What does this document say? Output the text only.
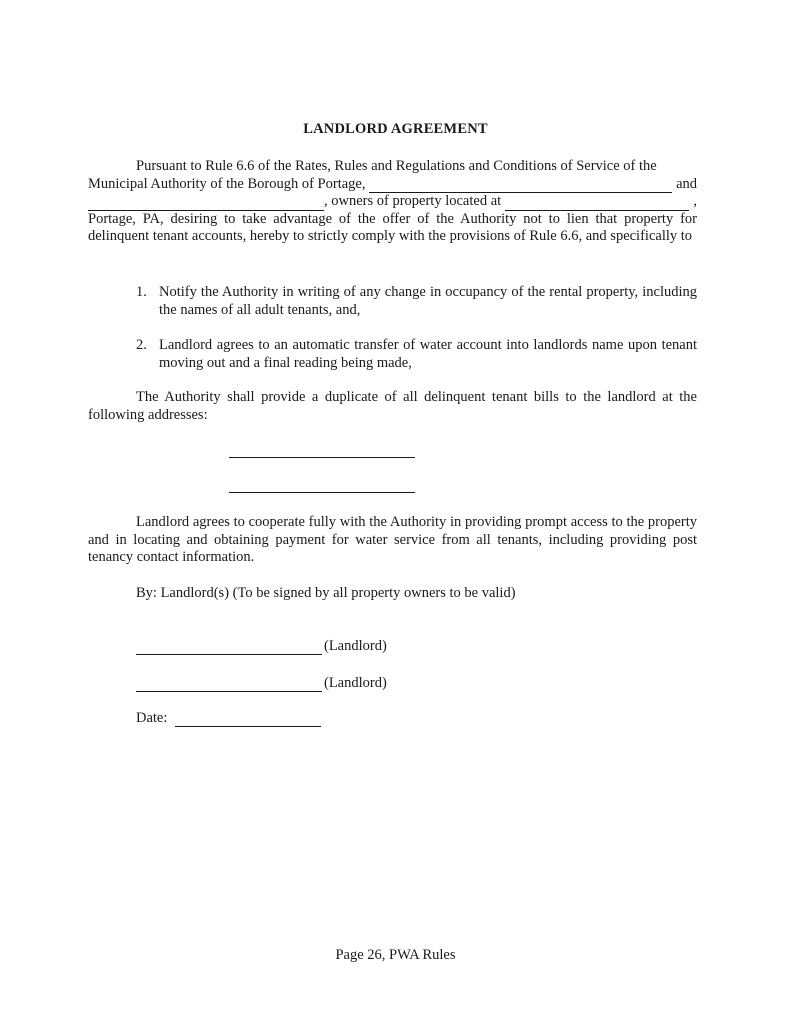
LANDLORD AGREEMENT
Pursuant to Rule 6.6 of the Rates, Rules and Regulations and Conditions of Service of the
Municipal Authority of the Borough of Portage,	and
, owners of property located at	,
Portage, PA, desiring to take advantage of the offer of the Authority not to lien that property for delinquent tenant accounts, hereby to strictly comply with the provisions of Rule 6.6, and specifically to
1. Notify the Authority in writing of any change in occupancy of the rental property, including the names of all adult tenants, and,
2. Landlord agrees to an automatic transfer of water account into landlords name upon tenant moving out and a final reading being made,
The Authority shall provide a duplicate of all delinquent tenant bills to the landlord at the following addresses:
Landlord agrees to cooperate fully with the Authority in providing prompt access to the property and in locating and obtaining payment for water service from all tenants, including providing post tenancy contact information.
By: Landlord(s) (To be signed by all property owners to be valid)
(Landlord)
(Landlord)
Date:
Page 26, PWA Rules
